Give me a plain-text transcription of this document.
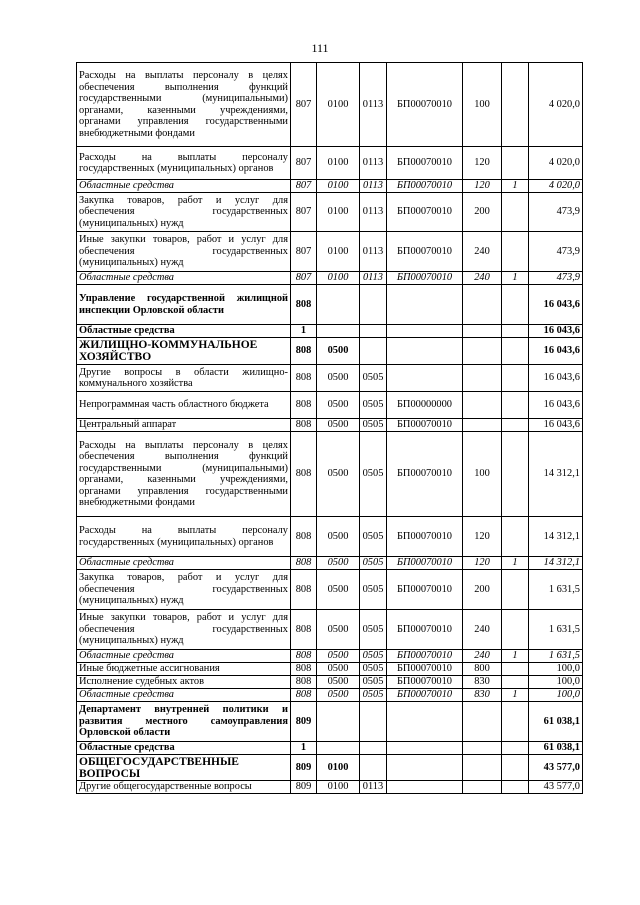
111
Расходы на выплаты персоналу в целях обеспечения выполнения функций государственными (муниципальными) органами, казенными учреждениями, органами управления государственными внебюджетными фондами	807	0100	0113	БП00070010	100		4 020,0
Расходы на выплаты персоналу государственных (муниципальных) органов	807	0100	0113	БП00070010	120		4 020,0
Областные средства	807	0100	0113	БП00070010	120	1	4 020,0
Закупка товаров, работ и услуг для обеспечения государственных (муниципальных) нужд	807	0100	0113	БП00070010	200		473,9
Иные закупки товаров, работ и услуг для обеспечения государственных (муниципальных) нужд	807	0100	0113	БП00070010	240		473,9
Областные средства	807	0100	0113	БП00070010	240	1	473,9
Управление государственной жилищной инспекции Орловской области	808						16 043,6
Областные средства	1						16 043,6
ЖИЛИЩНО-КОММУНАЛЬНОЕ ХОЗЯЙСТВО	808	0500					16 043,6
Другие вопросы в области жилищно-коммунального хозяйства	808	0500	0505				16 043,6
Непрограммная часть областного бюджета	808	0500	0505	БП00000000			16 043,6
Центральный аппарат	808	0500	0505	БП00070010			16 043,6
Расходы на выплаты персоналу в целях обеспечения выполнения функций государственными (муниципальными) органами, казенными учреждениями, органами управления государственными внебюджетными фондами	808	0500	0505	БП00070010	100		14 312,1
Расходы на выплаты персоналу государственных (муниципальных) органов	808	0500	0505	БП00070010	120		14 312,1
Областные средства	808	0500	0505	БП00070010	120	1	14 312,1
Закупка товаров, работ и услуг для обеспечения государственных (муниципальных) нужд	808	0500	0505	БП00070010	200		1 631,5
Иные закупки товаров, работ и услуг для обеспечения государственных (муниципальных) нужд	808	0500	0505	БП00070010	240		1 631,5
Областные средства	808	0500	0505	БП00070010	240	1	1 631,5
Иные бюджетные ассигнования	808	0500	0505	БП00070010	800		100,0
Исполнение судебных актов	808	0500	0505	БП00070010	830		100,0
Областные средства	808	0500	0505	БП00070010	830	1	100,0
Департамент внутренней политики и развития местного самоуправления Орловской области	809						61 038,1
Областные средства	1						61 038,1
ОБЩЕГОСУДАРСТВЕННЫЕ ВОПРОСЫ	809	0100					43 577,0
Другие общегосударственные вопросы	809	0100	0113				43 577,0
